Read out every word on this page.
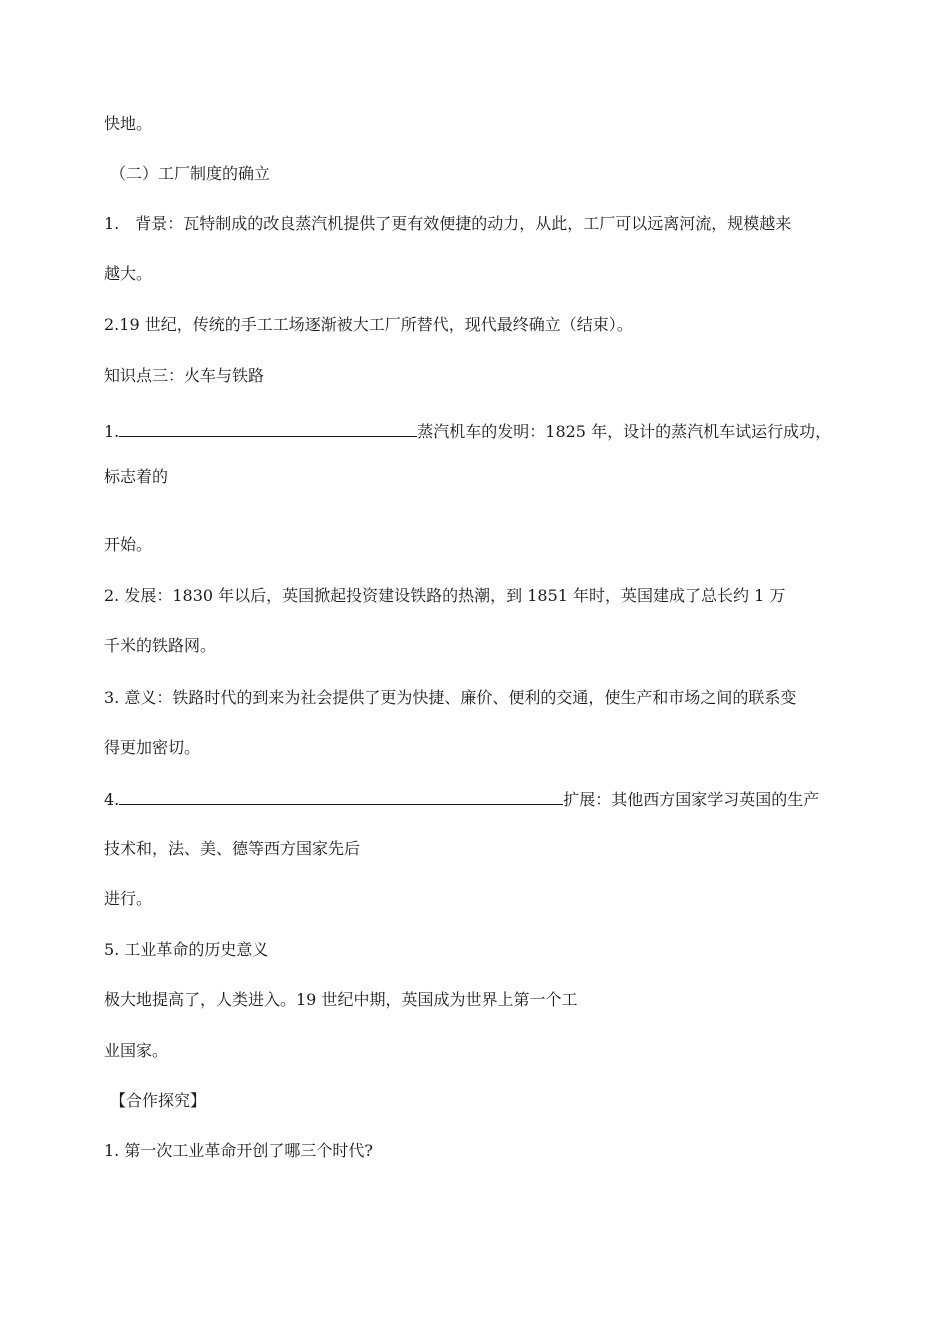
快地。
（二）工厂制度的确立
1.　背景：瓦特制成的改良蒸汽机提供了更有效便捷的动力，从此，工厂可以远离河流，规模越来
越大。
2.19 世纪，传统的手工工场逐渐被大工厂所替代，现代最终确立（结束）。
知识点三：火车与铁路
1.	蒸汽机车的发明：1825 年，设计的蒸汽机车试运行成功，
标志着的
开始。
2. 发展：1830 年以后，英国掀起投资建设铁路的热潮，到 1851 年时，英国建成了总长约 1 万
千米的铁路网。
3. 意义：铁路时代的到来为社会提供了更为快捷、廉价、便利的交通，使生产和市场之间的联系变
得更加密切。
4.	扩展：其他西方国家学习英国的生产
技术和，法、美、德等西方国家先后
进行。
5. 工业革命的历史意义
极大地提高了，人类进入。19 世纪中期，英国成为世界上第一个工
业国家。
【合作探究】
1. 第一次工业革命开创了哪三个时代?
